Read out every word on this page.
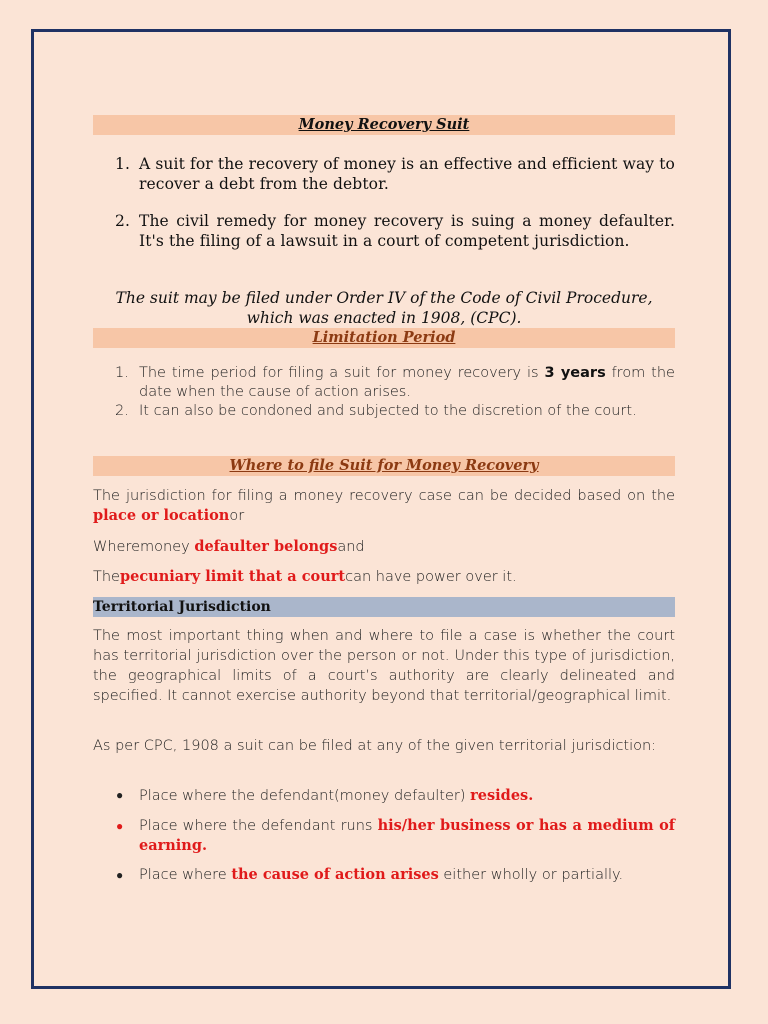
Money Recovery Suit
1. A suit for the recovery of money is an effective and efficient way to recover a debt from the debtor.
2. The civil remedy for money recovery is suing a money defaulter. It's the filing of a lawsuit in a court of competent jurisdiction.
The suit may be filed under Order IV of the Code of Civil Procedure, which was enacted in 1908, (CPC).
Limitation Period
1. The time period for filing a suit for money recovery is 3 years from the date when the cause of action arises.
2. It can also be condoned and subjected to the discretion of the court.
Where to file Suit for Money Recovery
The jurisdiction for filing a money recovery case can be decided based on the place or locationor
Wheremoney defaulter belongsand
Thepecuniary limit that a courtcan have power over it.
Territorial Jurisdiction
The most important thing when and where to file a case is whether the court has territorial jurisdiction over the person or not. Under this type of jurisdiction, the geographical limits of a court’s authority are clearly delineated and specified. It cannot exercise authority beyond that territorial/geographical limit.
As per CPC, 1908 a suit can be filed at any of the given territorial jurisdiction:
●	Place where the defendant(money defaulter) resides.
●	Place where the defendant runs his/her business or has a medium of earning.
●	Place where the cause of action arises either wholly or partially.
